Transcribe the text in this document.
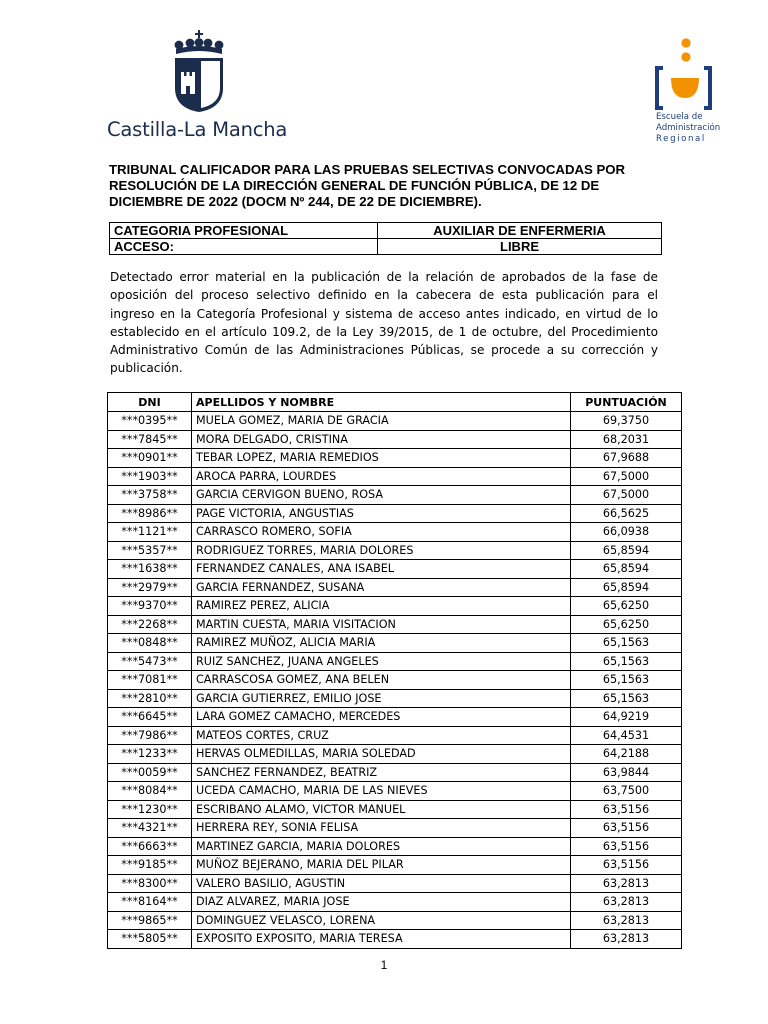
Castilla-La Mancha
Escuela de
Administración
Regional

TRIBUNAL CALIFICADOR PARA LAS PRUEBAS SELECTIVAS CONVOCADAS POR RESOLUCIÓN DE LA DIRECCIÓN GENERAL DE FUNCIÓN PÚBLICA, DE 12 DE DICIEMBRE DE 2022 (DOCM Nº 244, DE 22 DE DICIEMBRE).

CATEGORIA PROFESIONAL	AUXILIAR DE ENFERMERIA
ACCESO:	LIBRE

Detectado error material en la publicación de la relación de aprobados de la fase de oposición del proceso selectivo definido en la cabecera de esta publicación para el ingreso en la Categoría Profesional y sistema de acceso antes indicado, en virtud de lo establecido en el artículo 109.2, de la Ley 39/2015, de 1 de octubre, del Procedimiento Administrativo Común de las Administraciones Públicas, se procede a su corrección y publicación.

DNI	APELLIDOS Y NOMBRE	PUNTUACIÓN
***0395**	MUELA GOMEZ, MARIA DE GRACIA	69,3750
***7845**	MORA DELGADO, CRISTINA	68,2031
***0901**	TEBAR LOPEZ, MARIA REMEDIOS	67,9688
***1903**	AROCA PARRA, LOURDES	67,5000
***3758**	GARCIA CERVIGON BUENO, ROSA	67,5000
***8986**	PAGE VICTORIA, ANGUSTIAS	66,5625
***1121**	CARRASCO ROMERO, SOFIA	66,0938
***5357**	RODRIGUEZ TORRES, MARIA DOLORES	65,8594
***1638**	FERNANDEZ CANALES, ANA ISABEL	65,8594
***2979**	GARCIA FERNANDEZ, SUSANA	65,8594
***9370**	RAMIREZ PEREZ, ALICIA	65,6250
***2268**	MARTIN CUESTA, MARIA VISITACION	65,6250
***0848**	RAMIREZ MUÑOZ, ALICIA MARIA	65,1563
***5473**	RUIZ SANCHEZ, JUANA ANGELES	65,1563
***7081**	CARRASCOSA GOMEZ, ANA BELEN	65,1563
***2810**	GARCIA GUTIERREZ, EMILIO JOSE	65,1563
***6645**	LARA GOMEZ CAMACHO, MERCEDES	64,9219
***7986**	MATEOS CORTES, CRUZ	64,4531
***1233**	HERVAS OLMEDILLAS, MARIA SOLEDAD	64,2188
***0059**	SANCHEZ FERNANDEZ, BEATRIZ	63,9844
***8084**	UCEDA CAMACHO, MARIA DE LAS NIEVES	63,7500
***1230**	ESCRIBANO ALAMO, VICTOR MANUEL	63,5156
***4321**	HERRERA REY, SONIA FELISA	63,5156
***6663**	MARTINEZ GARCIA, MARIA DOLORES	63,5156
***9185**	MUÑOZ BEJERANO, MARIA DEL PILAR	63,5156
***8300**	VALERO BASILIO, AGUSTIN	63,2813
***8164**	DIAZ ALVAREZ, MARIA JOSE	63,2813
***9865**	DOMINGUEZ VELASCO, LORENA	63,2813
***5805**	EXPOSITO EXPOSITO, MARIA TERESA	63,2813
1
